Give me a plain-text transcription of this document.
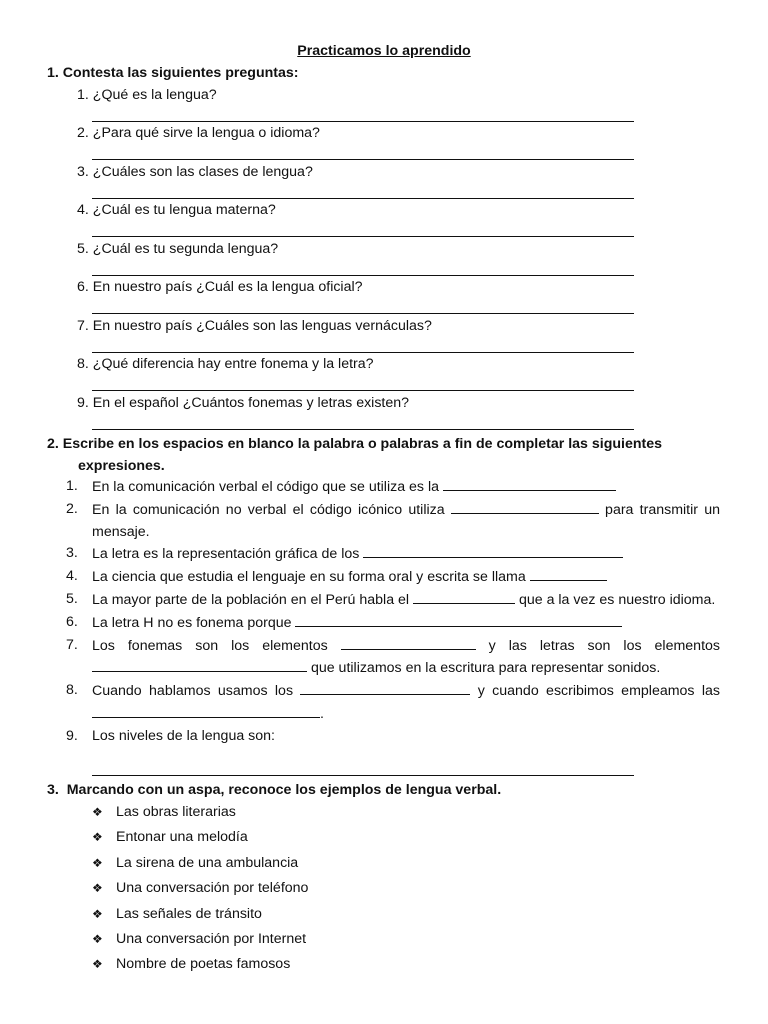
Practicamos lo aprendido
1. Contesta las siguientes preguntas:
1. ¿Qué es la lengua?
2. ¿Para qué sirve la lengua o idioma?
3. ¿Cuáles son las clases de lengua?
4. ¿Cuál es tu lengua materna?
5. ¿Cuál es tu segunda lengua?
6. En nuestro país ¿Cuál es la lengua oficial?
7. En nuestro país ¿Cuáles son las lenguas vernáculas?
8. ¿Qué diferencia hay entre fonema y la letra?
9. En el español ¿Cuántos fonemas y letras existen?
2. Escribe en los espacios en blanco la palabra o palabras a fin de completar las siguientes
expresiones.
1. En la comunicación verbal el código que se utiliza es la
2. En la comunicación no verbal el código icónico utiliza	para transmitir un mensaje.
3. La letra es la representación gráfica de los
4. La ciencia que estudia el lenguaje en su forma oral y escrita se llama
5. La mayor parte de la población en el Perú habla el	que a la vez es nuestro idioma.
6. La letra H no es fonema porque
7. Los fonemas son los elementos	y las letras son los elementos  que utilizamos en la escritura para representar sonidos.
8. Cuando hablamos usamos los	y cuando escribimos empleamos las .
9. Los niveles de la lengua son:
3. Marcando con un aspa, reconoce los ejemplos de lengua verbal.
❖ Las obras literarias
❖ Entonar una melodía
❖ La sirena de una ambulancia
❖ Una conversación por teléfono
❖ Las señales de tránsito
❖ Una conversación por Internet
❖ Nombre de poetas famosos
